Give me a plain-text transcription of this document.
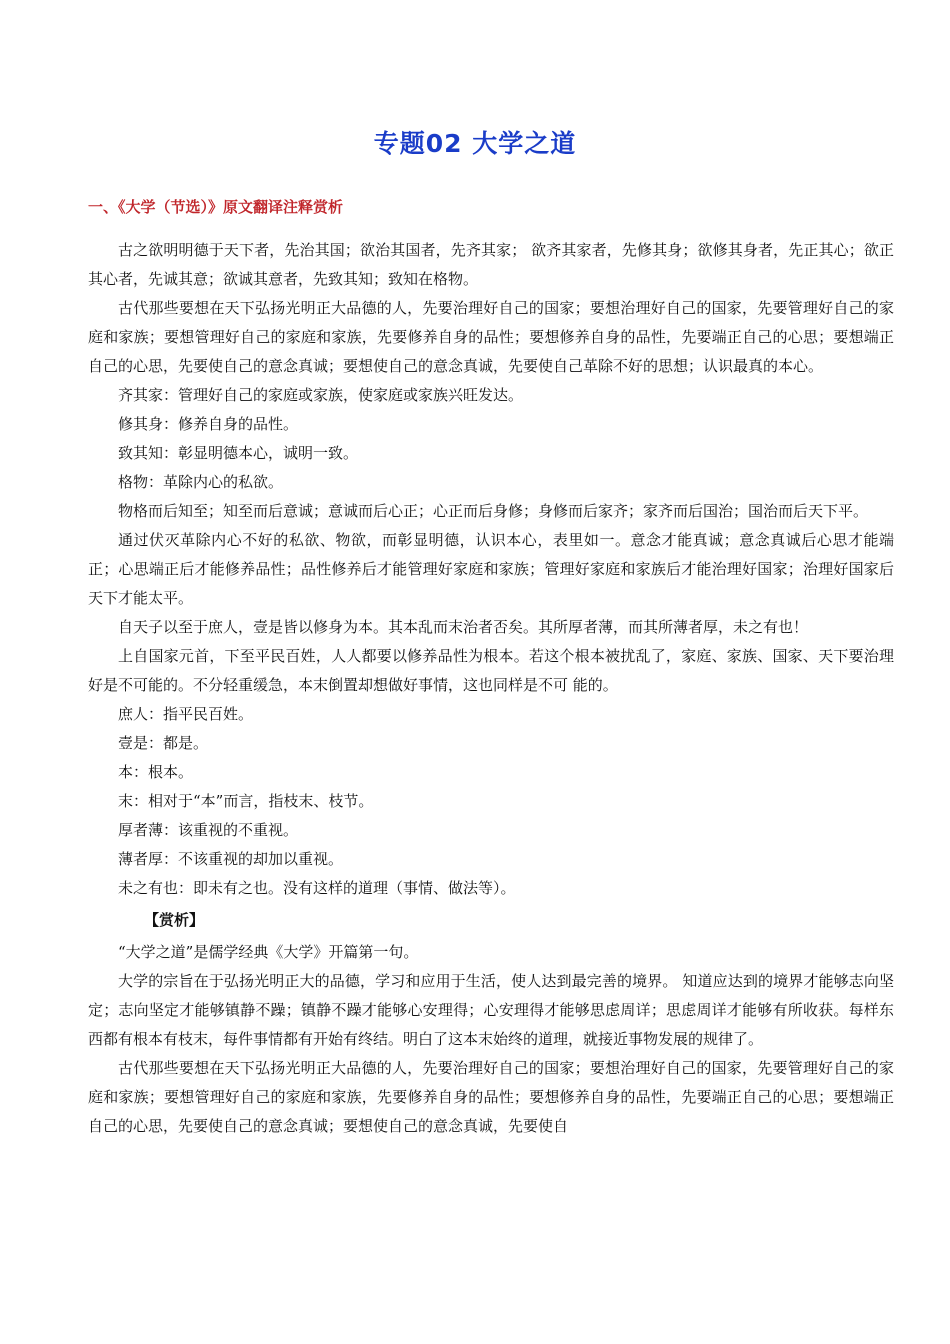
专题02 大学之道
一、《大学（节选）》原文翻译注释赏析

古之欲明明德于天下者，先治其国；欲治其国者，先齐其家； 欲齐其家者，先修其身；欲修其身者，先正其心；欲正其心者，先诚其意；欲诚其意者，先致其知；致知在格物。

古代那些要想在天下弘扬光明正大品德的人，先要治理好自己的国家；要想治理好自己的国家，先要管理好自己的家庭和家族；要想管理好自己的家庭和家族，先要修养自身的品性；要想修养自身的品性，先要端正自己的心思；要想端正自己的心思，先要使自己的意念真诚；要想使自己的意念真诚，先要使自己革除不好的思想；认识最真的本心。

齐其家：管理好自己的家庭或家族，使家庭或家族兴旺发达。

修其身：修养自身的品性。

致其知：彰显明德本心，诚明一致。

格物：革除内心的私欲。

物格而后知至；知至而后意诚；意诚而后心正；心正而后身修；身修而后家齐；家齐而后国治；国治而后天下平。

通过伏灭革除内心不好的私欲、物欲，而彰显明德，认识本心，表里如一。意念才能真诚；意念真诚后心思才能端正；心思端正后才能修养品性；品性修养后才能管理好家庭和家族；管理好家庭和家族后才能治理好国家；治理好国家后天下才能太平。

自天子以至于庶人，壹是皆以修身为本。其本乱而末治者否矣。其所厚者薄，而其所薄者厚，未之有也！

上自国家元首，下至平民百姓，人人都要以修养品性为根本。若这个根本被扰乱了，家庭、家族、国家、天下要治理好是不可能的。不分轻重缓急，本末倒置却想做好事情，这也同样是不可 能的。

庶人：指平民百姓。

壹是：都是。

本：根本。

末：相对于“本”而言，指枝末、枝节。

厚者薄：该重视的不重视。

薄者厚：不该重视的却加以重视。

未之有也：即未有之也。没有这样的道理（事情、做法等）。

【赏析】

“大学之道”是儒学经典《大学》开篇第一句。

大学的宗旨在于弘扬光明正大的品德，学习和应用于生活，使人达到最完善的境界。 知道应达到的境界才能够志向坚定；志向坚定才能够镇静不躁；镇静不躁才能够心安理得；心安理得才能够思虑周详；思虑周详才能够有所收获。每样东西都有根本有枝末，每件事情都有开始有终结。明白了这本末始终的道理，就接近事物发展的规律了。

古代那些要想在天下弘扬光明正大品德的人，先要治理好自己的国家；要想治理好自己的国家，先要管理好自己的家庭和家族；要想管理好自己的家庭和家族，先要修养自身的品性；要想修养自身的品性，先要端正自己的心思；要想端正自己的心思，先要使自己的意念真诚；要想使自己的意念真诚，先要使自
